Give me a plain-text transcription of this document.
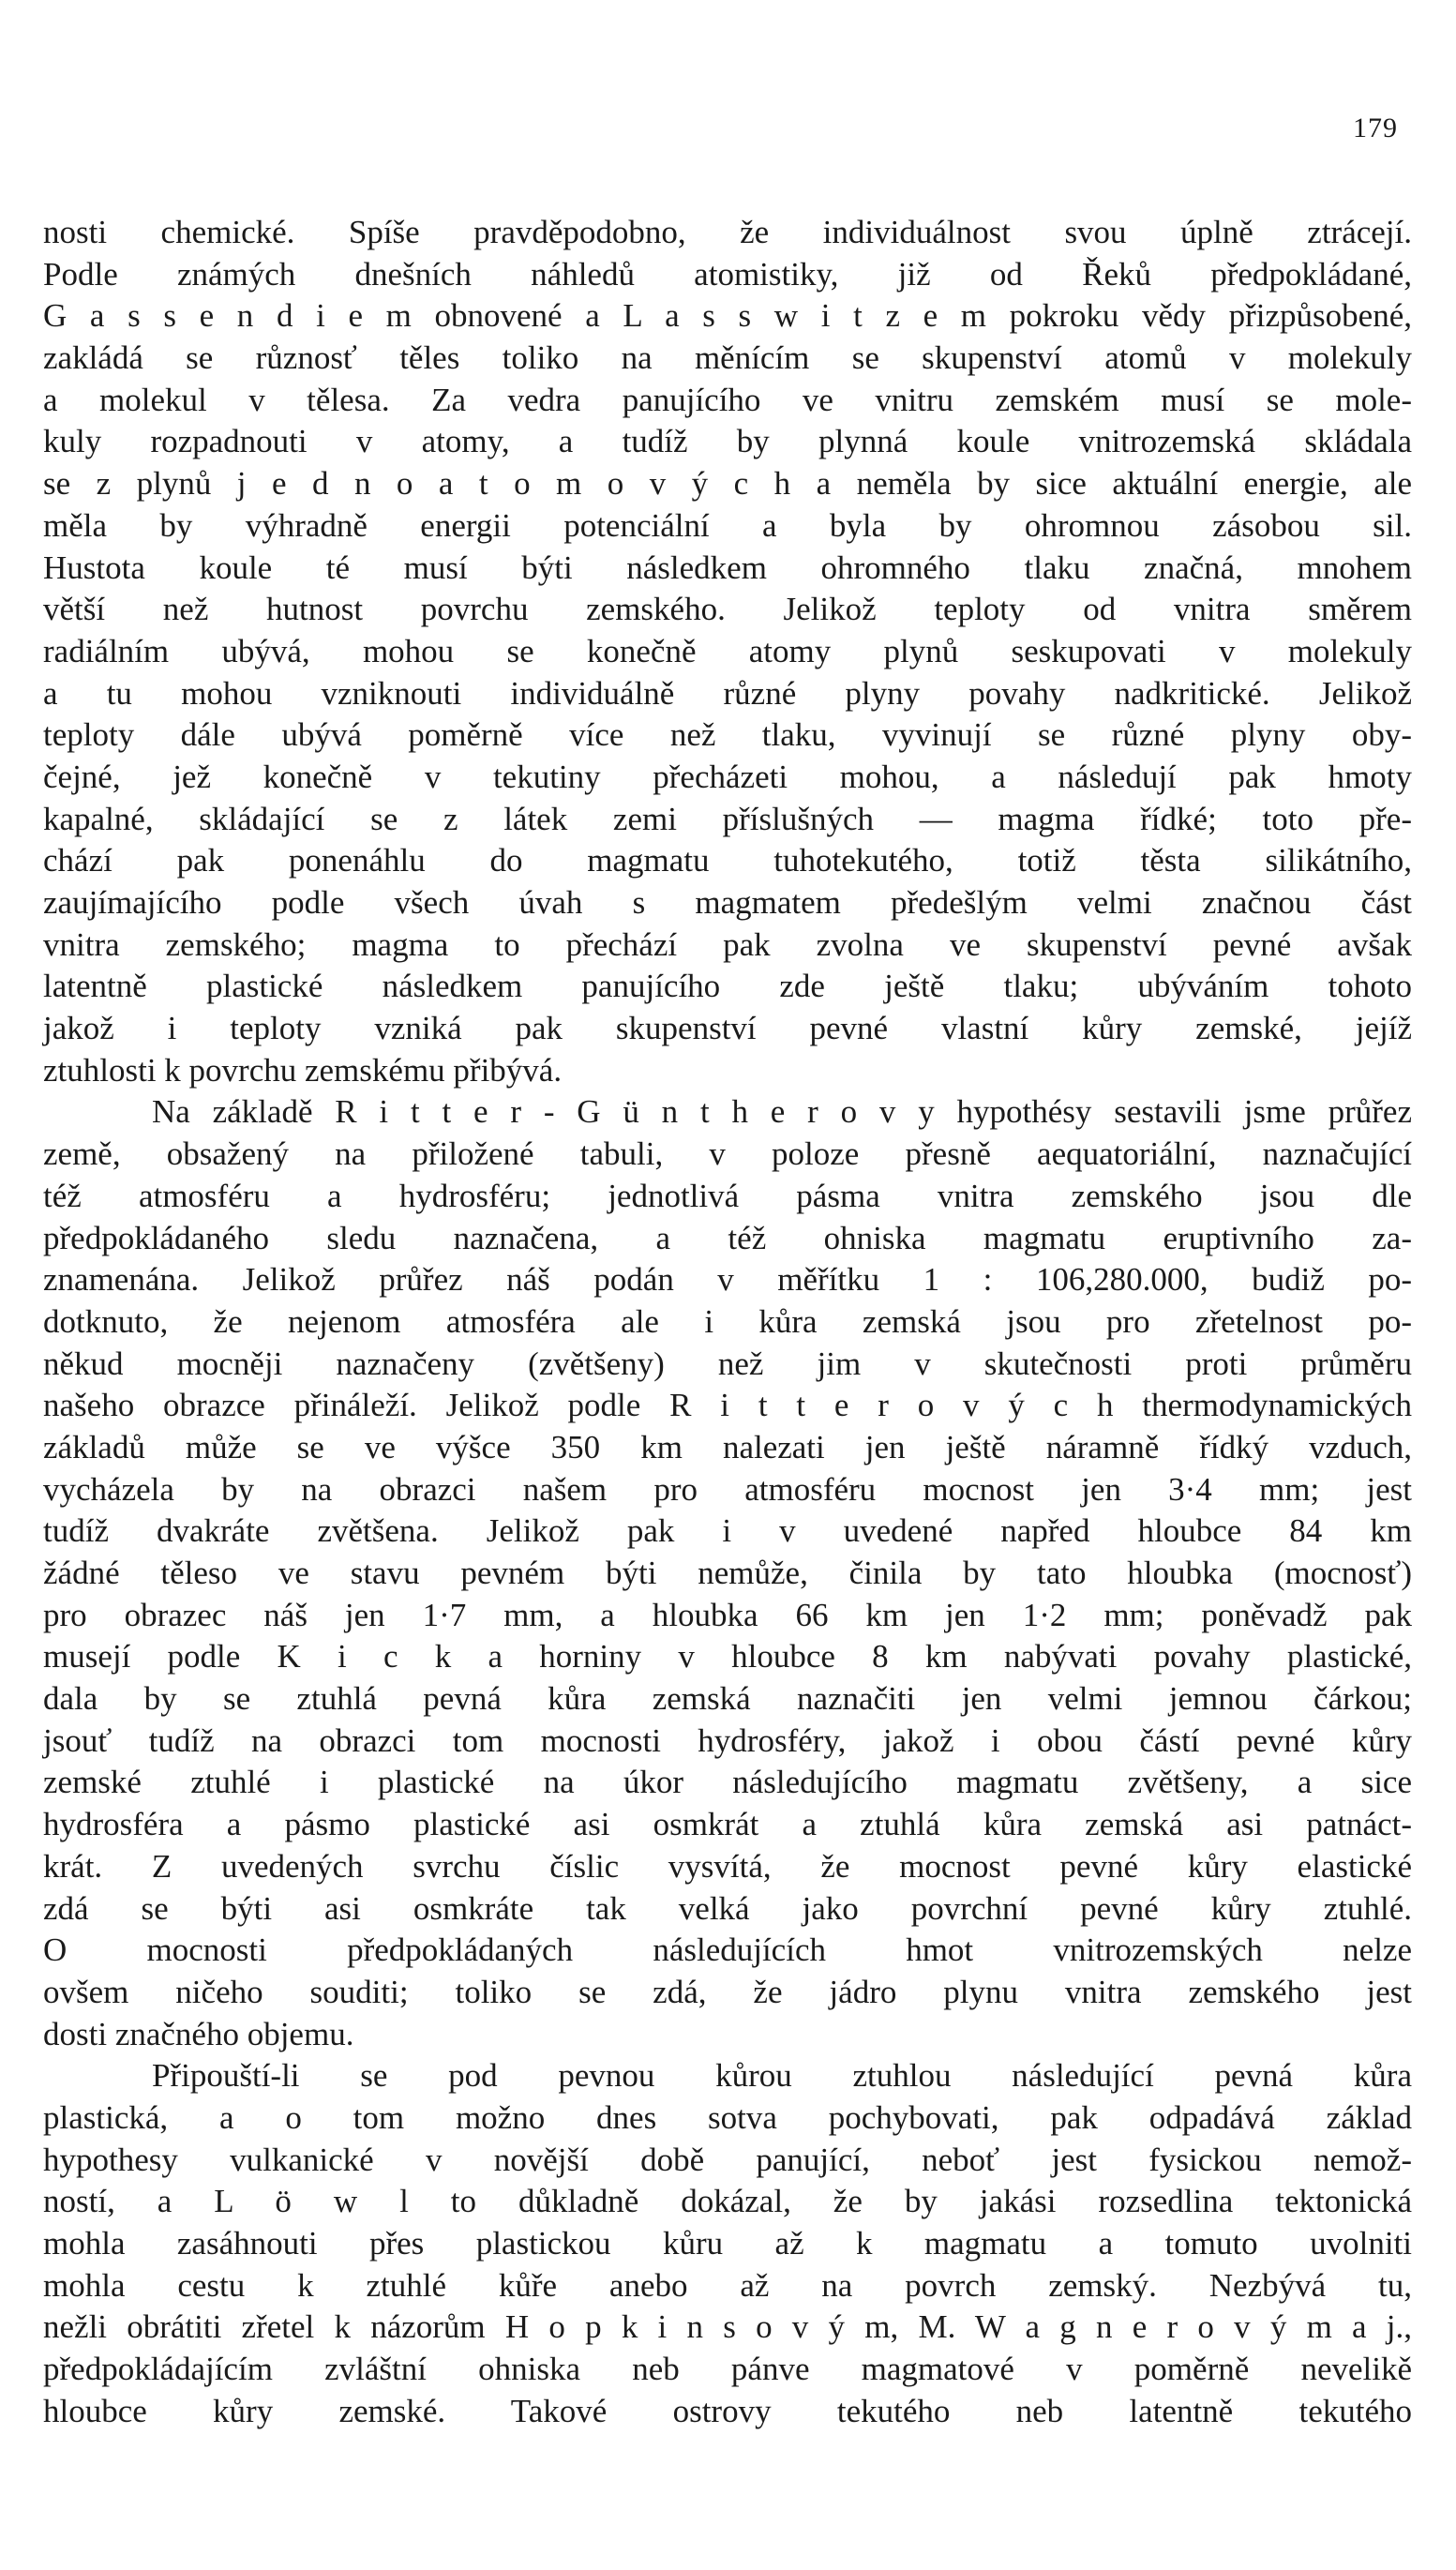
179
nosti chemické. Spíše pravděpodobno, že individuálnost svou úplně ztrácejí.
Podle známých dnešních náhledů atomistiky, již od Řeků předpokládané,
G a s s e n d i e m obnovené a L a s s w i t z e m pokroku vědy přizpůsobené,
zakládá se různosť těles toliko na měnícím se skupenství atomů v molekuly
a molekul v tělesa. Za vedra panujícího ve vnitru zemském musí se mole-
kuly rozpadnouti v atomy, a tudíž by plynná koule vnitrozemská skládala
se z plynů j e d n o a t o m o v ý c h a neměla by sice aktuální energie, ale
měla by výhradně energii potenciální a byla by ohromnou zásobou sil.
Hustota koule té musí býti následkem ohromného tlaku značná, mnohem
větší než hutnost povrchu zemského. Jelikož teploty od vnitra směrem
radiálním ubývá, mohou se konečně atomy plynů seskupovati v molekuly
a tu mohou vzniknouti individuálně různé plyny povahy nadkritické. Jelikož
teploty dále ubývá poměrně více než tlaku, vyvinují se různé plyny oby-
čejné, jež konečně v tekutiny přecházeti mohou, a následují pak hmoty
kapalné, skládající se z látek zemi příslušných — magma řídké; toto pře-
chází pak ponenáhlu do magmatu tuhotekutého, totiž těsta silikátního,
zaujímajícího podle všech úvah s magmatem předešlým velmi značnou část
vnitra zemského; magma to přechází pak zvolna ve skupenství pevné avšak
latentně plastické následkem panujícího zde ještě tlaku; ubýváním tohoto
jakož i teploty vzniká pak skupenství pevné vlastní kůry zemské, jejíž
ztuhlosti k povrchu zemskému přibývá.
Na základě R i t t e r - G ü n t h e r o v y hypothésy sestavili jsme průřez
země, obsažený na přiložené tabuli, v poloze přesně aequatoriální, naznačující
též atmosféru a hydrosféru; jednotlivá pásma vnitra zemského jsou dle
předpokládaného sledu naznačena, a též ohniska magmatu eruptivního za-
znamenána. Jelikož průřez náš podán v měřítku 1 : 106,280.000, budiž po-
dotknuto, že nejenom atmosféra ale i kůra zemská jsou pro zřetelnost po-
někud mocněji naznačeny (zvětšeny) než jim v skutečnosti proti průměru
našeho obrazce přináleží. Jelikož podle R i t t e r o v ý c h thermodynamických
základů může se ve výšce 350 km nalezati jen ještě náramně řídký vzduch,
vycházela by na obrazci našem pro atmosféru mocnost jen 3·4 mm; jest
tudíž dvakráte zvětšena. Jelikož pak i v uvedené napřed hloubce 84 km
žádné těleso ve stavu pevném býti nemůže, činila by tato hloubka (mocnosť)
pro obrazec náš jen 1·7 mm, a hloubka 66 km jen 1·2 mm; poněvadž pak
musejí podle K i c k a horniny v hloubce 8 km nabývati povahy plastické,
dala by se ztuhlá pevná kůra zemská naznačiti jen velmi jemnou čárkou;
jsouť tudíž na obrazci tom mocnosti hydrosféry, jakož i obou částí pevné kůry
zemské ztuhlé i plastické na úkor následujícího magmatu zvětšeny, a sice
hydrosféra a pásmo plastické asi osmkrát a ztuhlá kůra zemská asi patnáct-
krát. Z uvedených svrchu číslic vysvítá, že mocnost pevné kůry elastické
zdá se býti asi osmkráte tak velká jako povrchní pevné kůry ztuhlé.
O mocnosti předpokládaných následujících hmot vnitrozemských nelze
ovšem ničeho souditi; toliko se zdá, že jádro plynu vnitra zemského jest
dosti značného objemu.
Připouští-li se pod pevnou kůrou ztuhlou následující pevná kůra
plastická, a o tom možno dnes sotva pochybovati, pak odpadává základ
hypothesy vulkanické v novější době panující, neboť jest fysickou nemož-
ností, a L ö w l to důkladně dokázal, že by jakási rozsedlina tektonická
mohla zasáhnouti přes plastickou kůru až k magmatu a tomuto uvolniti
mohla cestu k ztuhlé kůře anebo až na povrch zemský. Nezbývá tu,
nežli obrátiti zřetel k názorům H o p k i n s o v ý m, M. W a g n e r o v ý m a j.,
předpokládajícím zvláštní ohniska neb pánve magmatové v poměrně nevelikě
hloubce kůry zemské. Takové ostrovy tekutého neb latentně tekutého
